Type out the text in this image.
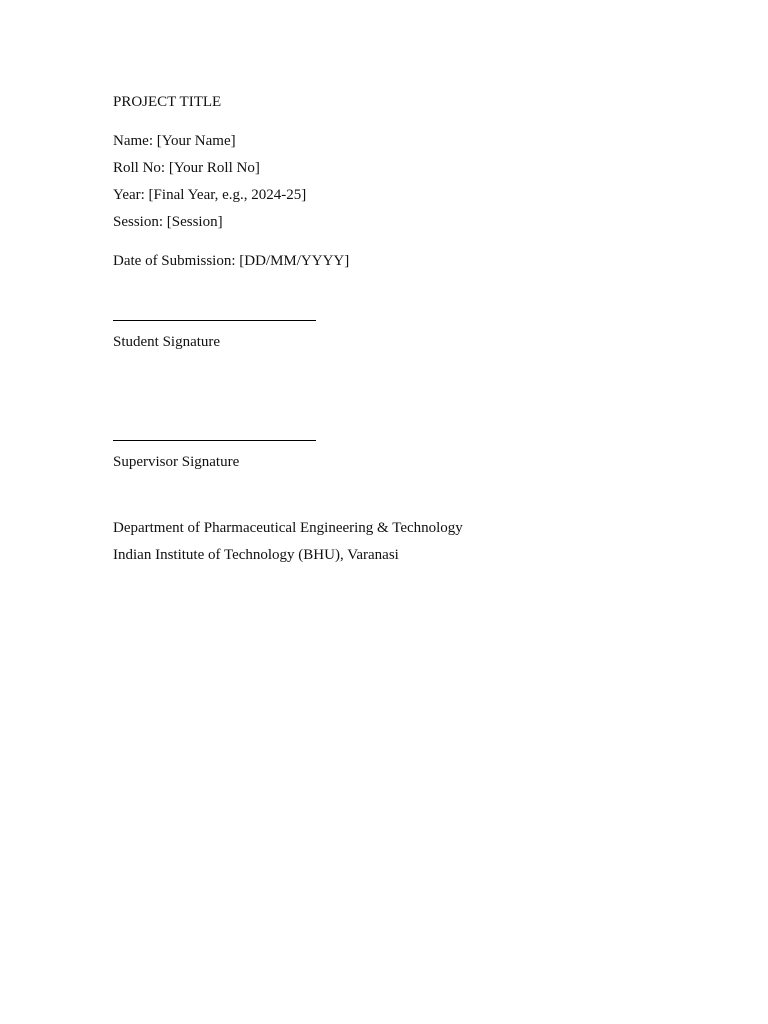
PROJECT TITLE
Name: [Your Name]
Roll No: [Your Roll No]
Year: [Final Year, e.g., 2024-25]
Session: [Session]
Date of Submission: [DD/MM/YYYY]
Student Signature
Supervisor Signature
Department of Pharmaceutical Engineering & Technology
Indian Institute of Technology (BHU), Varanasi
